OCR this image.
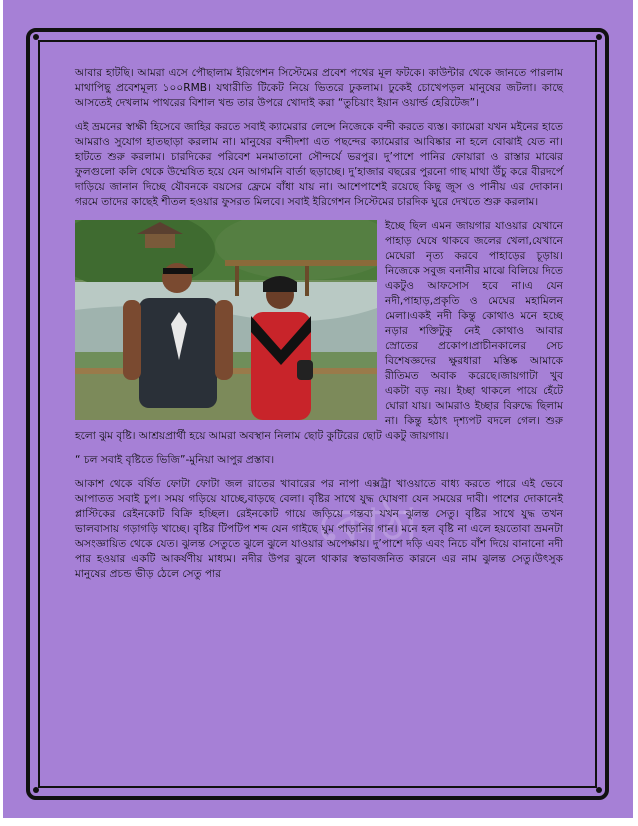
আবার হাটছি। আমরা এসে পৌছালাম ইরিগেশন সিস্টেমের প্রবেশ পথের মূল ফটকে। কাউন্টার থেকে জানতে পারলাম মাথাপিছু প্রবেশমূল্য ১০০RMB। যথারীতি টিকেট নিয়ে ভিতরে ঢুকলাম। ঢুকেই চোখেপড়ল মানুষের জটলা। কাছে আসতেই দেখলাম পাথরের বিশাল খন্ড তার উপরে খোদাই করা “তুচিয়াং ইয়ান ওয়ার্ল্ড হেরিটেজ”।

এই ভ্রমনের স্বাক্ষী হিসেবে জাহির করতে সবাই ক্যামেরার লেন্সে নিজেকে বন্দী করতে ব্যস্ত। ক্যামেরা যখন মইনের হাতে আমরাও সুযোগ হাতছাড়া করলাম না। মানুষের বন্দীদশা এত পছন্দের ক্যামেরার আবিষ্কার না হলে বোঝাই যেত না। হাটতে শুরু করলাম। চারদিকের পরিবেশ মনমাতানো সৌন্দর্যে ভরপুর। দু’পাশে পানির ফোয়ারা ও রাস্তার মাঝের ফুলগুলো কলি থেকে উম্মেষিত হয়ে যেন আগমনি বার্তা ছড়াচ্ছে। দু’হাজার বছরের পুরনো গাছ মাথা উঁচু করে বীরদর্পে দাড়িয়ে জানান দিচ্ছে যৌবনকে বয়সের ফ্রেমে বাঁধা যায় না। আশেপাশেই রয়েছে কিছু জুস ও পানীয় এর দোকান। গরমে তাদের কাছেই শীতল হওয়ার ফুসরত মিলবে। সবাই ইরিগেশন সিস্টেমের চারদিক ঘুরে দেখতে শুরু করলাম।

ইচ্ছে ছিল এমন জায়গার যাওয়ার যেখানে পাহাড় ঘেষে থাকবে জলের খেলা,যেখানে মেঘেরা নৃত্য করবে পাহাড়ের চূড়ায়। নিজেকে সবুজ বনানীর মাঝে বিলিয়ে দিতে একটুও আফসোস হবে না।এ যেন নদী,পাহাড়,প্রকৃতি ও মেঘের মহামিলন মেলা।একই নদী কিন্তু কোথাও মনে হচ্ছে নড়ার শক্তিটুকু নেই কোথাও আবার স্রোতের প্রকোপ।প্রাচীনকালের সেচ বিশেষজ্ঞদের ক্ষুরধারা মস্তিষ্ক আমাকে রীতিমত অবাক করেছে।জায়গাটা খুব একটা বড় নয়। ইচ্ছা থাকলে পায়ে হেঁটে ঘোরা যায়। আমরাও ইচ্ছার বিরুদ্ধে ছিলাম না। কিন্তু হঠাৎ দৃশ্যপট বদলে গেল। শুরু হলো ঝুম বৃষ্টি। আশ্রয়প্রার্থী হয়ে আমরা অবস্থান নিলাম ছোট কুটিরের ছোট একটু জায়গায়।

“ চল সবাই বৃষ্টিতে ভিজি”-মুনিয়া আপুর প্রস্তাব।

আকাশ থেকে বর্ষিত ফোটা ফোটা জল রাতের খাবারের পর নাপা এক্সট্রা খাওয়াতে বাধ্য করতে পারে এই ভেবে আপাতত সবাই চুপ। সময় গড়িয়ে যাচ্ছে,বাড়ছে বেলা। বৃষ্টির সাথে যুদ্ধ ঘোষণা যেন সময়ের দাবী। পাশের দোকানেই প্লাস্টিকের রেইনকোট বিক্রি হচ্ছিল। রেইনকোট গায়ে জড়িয়ে গন্তব্য যখন ঝুলন্ত সেতু। বৃষ্টির সাথে যুদ্ধ তখন ভালবাসায় গড়াগড়ি খাচ্ছে। বৃষ্টির টিপটিপ শব্দ যেন গাইছে ঘুম পাড়ানির গান। মনে হল বৃষ্টি না এলে হয়তোবা ভ্রমনটা অসংজ্ঞায়িত থেকে যেত। ঝুলন্ত সেতুতে ঝুলে ঝুলে যাওয়ার অপেক্ষায়। দু’পাশে দড়ি এবং নিচে বাঁশ দিয়ে বানানো নদী পার হওয়ার একটি আকর্ষণীয় মাধ্যম। নদীর উপর ঝুলে থাকার স্বভাবজনিত কারনে এর নাম ঝুলন্ত সেতু।উৎসুক মানুষের প্রচন্ড ভীড় ঠেলে সেতু পার
